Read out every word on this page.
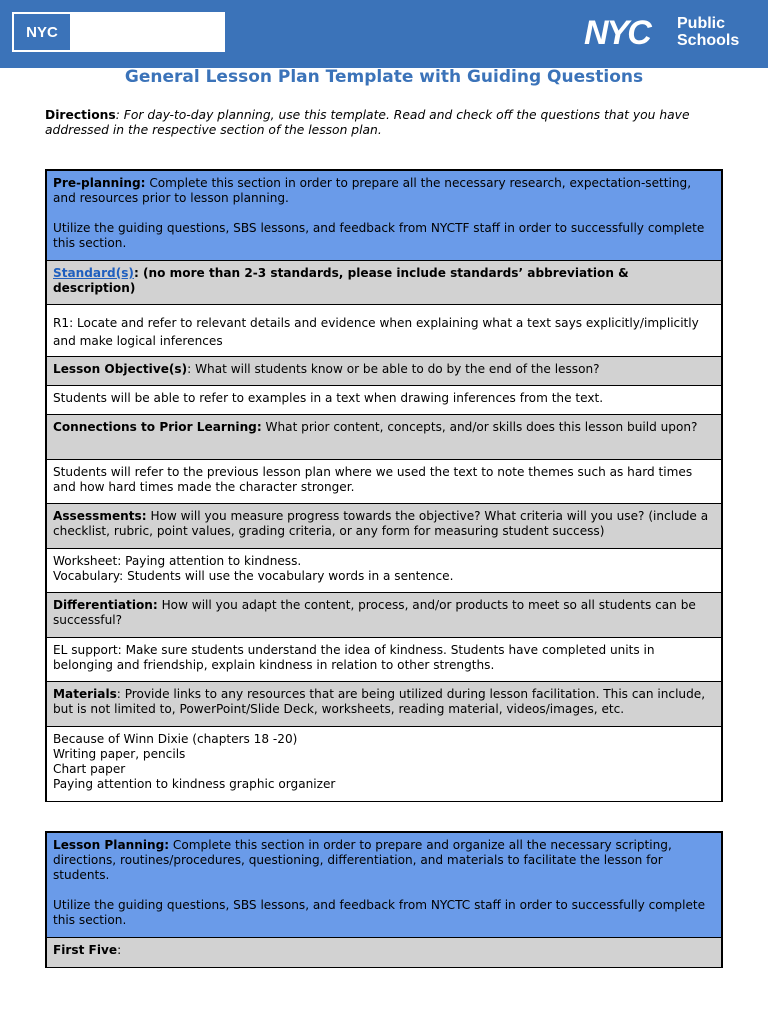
NYC	Teaching Fellows	NYC Public
Schools
General Lesson Plan Template with Guiding Questions
Directions: For day-to-day planning, use this template. Read and check off the questions that you have addressed in the respective section of the lesson plan.
Pre-planning: Complete this section in order to prepare all the necessary research, expectation-setting, and resources prior to lesson planning.
Utilize the guiding questions, SBS lessons, and feedback from NYCTF staff in order to successfully complete this section.
Standard(s): (no more than 2-3 standards, please include standards’ abbreviation & description)
R1: Locate and refer to relevant details and evidence when explaining what a text says explicitly/implicitly and make logical inferences
Lesson Objective(s): What will students know or be able to do by the end of the lesson?
Students will be able to refer to examples in a text when drawing inferences from the text.
Connections to Prior Learning: What prior content, concepts, and/or skills does this lesson build upon?
Students will refer to the previous lesson plan where we used the text to note themes such as hard times and how hard times made the character stronger.
Assessments: How will you measure progress towards the objective? What criteria will you use? (include a checklist, rubric, point values, grading criteria, or any form for measuring student success)
Worksheet: Paying attention to kindness.
Vocabulary: Students will use the vocabulary words in a sentence.
Differentiation: How will you adapt the content, process, and/or products to meet so all students can be successful?
EL support: Make sure students understand the idea of kindness. Students have completed units in belonging and friendship, explain kindness in relation to other strengths.
Materials: Provide links to any resources that are being utilized during lesson facilitation. This can include, but is not limited to, PowerPoint/Slide Deck, worksheets, reading material, videos/images, etc.
Because of Winn Dixie (chapters 18 -20)
Writing paper, pencils
Chart paper
Paying attention to kindness graphic organizer
Lesson Planning: Complete this section in order to prepare and organize all the necessary scripting, directions, routines/procedures, questioning, differentiation, and materials to facilitate the lesson for students.
Utilize the guiding questions, SBS lessons, and feedback from NYCTC staff in order to successfully complete this section.
First Five:
